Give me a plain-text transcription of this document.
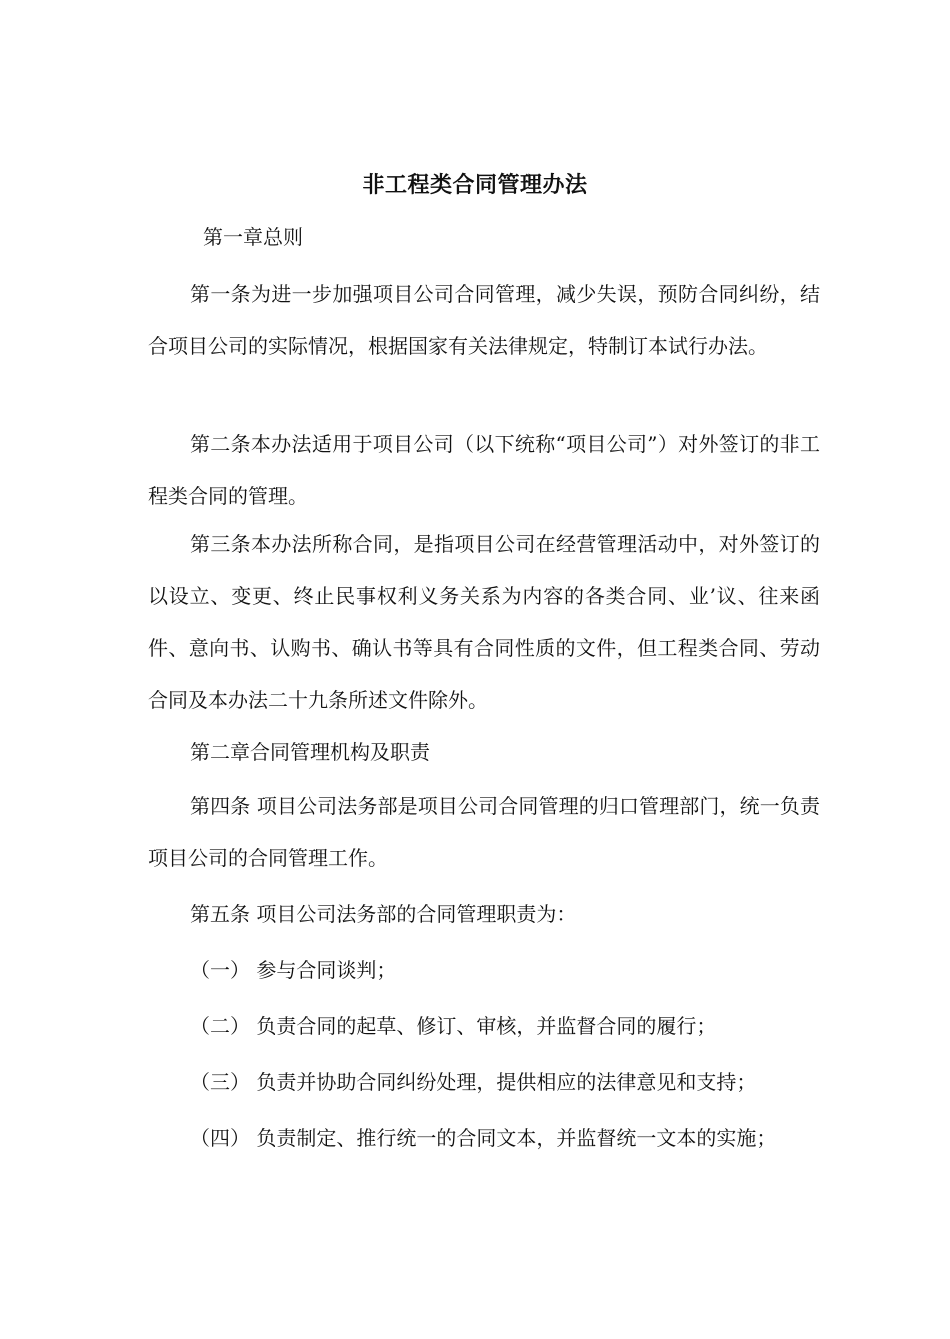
非工程类合同管理办法

第一章总则

第一条为进一步加强项目公司合同管理，减少失误，预防合同纠纷，结合项目公司的实际情况，根据国家有关法律规定，特制订本试行办法。

第二条本办法适用于项目公司（以下统称“项目公司”）对外签订的非工程类合同的管理。

第三条本办法所称合同，是指项目公司在经营管理活动中，对外签订的以设立、变更、终止民事权利义务关系为内容的各类合同、业’议、往来函件、意向书、认购书、确认书等具有合同性质的文件，但工程类合同、劳动合同及本办法二十九条所述文件除外。

第二章合同管理机构及职责

第四条 项目公司法务部是项目公司合同管理的归口管理部门，统一负责项目公司的合同管理工作。

第五条 项目公司法务部的合同管理职责为：

（一） 参与合同谈判；

（二） 负责合同的起草、修订、审核，并监督合同的履行；

（三） 负责并协助合同纠纷处理，提供相应的法律意见和支持；

（四） 负责制定、推行统一的合同文本，并监督统一文本的实施；
